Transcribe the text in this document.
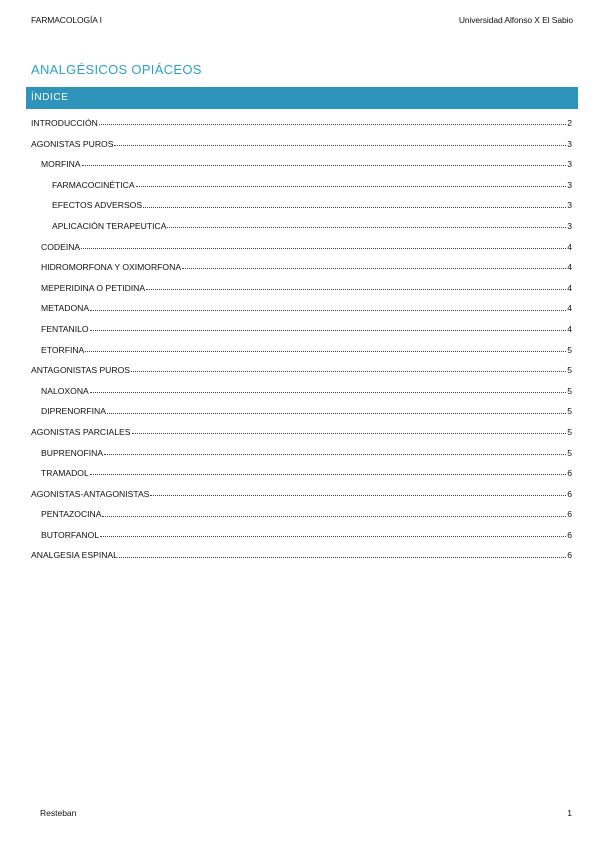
FARMACOLOGÍA I	Universidad Alfonso X El Sabio
ANALGÉSICOS OPIÁCEOS
ÍNDICE
INTRODUCCIÓN	2
AGONISTAS PUROS	3
MORFINA	3
FARMACOCINÉTICA	3
EFECTOS ADVERSOS	3
APLICACIÓN TERAPEUTICA	3
CODEINA	4
HIDROMORFONA Y OXIMORFONA	4
MEPERIDINA O PETIDINA	4
METADONA	4
FENTANILO	4
ETORFINA	5
ANTAGONISTAS PUROS	5
NALOXONA	5
DIPRENORFINA	5
AGONISTAS PARCIALES	5
BUPRENOFINA	5
TRAMADOL	6
AGONISTAS-ANTAGONISTAS	6
PENTAZOCINA	6
BUTORFANOL	6
ANALGESIA ESPINAL	6
Resteban	1
